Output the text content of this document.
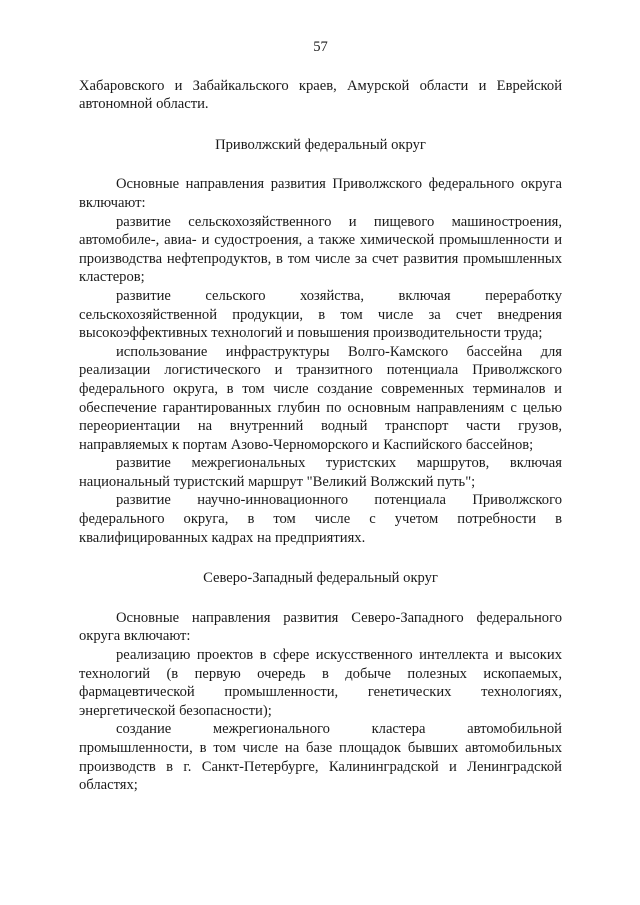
57

Хабаровского и Забайкальского краев, Амурской области и Еврейской автономной области.

Приволжский федеральный округ

Основные направления развития Приволжского федерального округа включают:

развитие сельскохозяйственного и пищевого машиностроения, автомобиле-, авиа- и судостроения, а также химической промышленности и производства нефтепродуктов, в том числе за счет развития промышленных кластеров;

развитие сельского хозяйства, включая переработку сельскохозяйственной продукции, в том числе за счет внедрения высокоэффективных технологий и повышения производительности труда;

использование инфраструктуры Волго-Камского бассейна для реализации логистического и транзитного потенциала Приволжского федерального округа, в том числе создание современных терминалов и обеспечение гарантированных глубин по основным направлениям с целью переориентации на внутренний водный транспорт части грузов, направляемых к портам Азово-Черноморского и Каспийского бассейнов;

развитие межрегиональных туристских маршрутов, включая национальный туристский маршрут "Великий Волжский путь";

развитие научно-инновационного потенциала Приволжского федерального округа, в том числе с учетом потребности в квалифицированных кадрах на предприятиях.

Северо-Западный федеральный округ

Основные направления развития Северо-Западного федерального округа включают:

реализацию проектов в сфере искусственного интеллекта и высоких технологий (в первую очередь в добыче полезных ископаемых, фармацевтической промышленности, генетических технологиях, энергетической безопасности);

создание межрегионального кластера автомобильной промышленности, в том числе на базе площадок бывших автомобильных производств в г. Санкт-Петербурге, Калининградской и Ленинградской областях;
